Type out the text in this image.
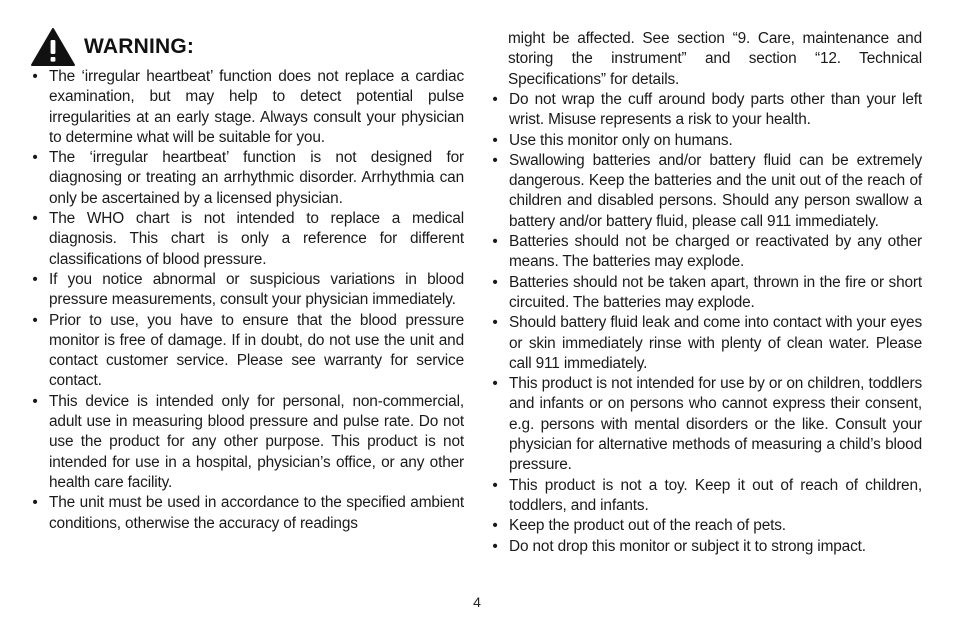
WARNING:
• The ‘irregular heartbeat’ function does not replace a cardiac examination, but may help to detect potential pulse irregularities at an early stage. Always consult your physician to determine what will be suitable for you.
• The ‘irregular heartbeat’ function is not designed for diagnosing or treating an arrhythmic disorder. Arrhythmia can only be ascertained by a licensed physician.
• The WHO chart is not intended to replace a medical diagnosis. This chart is only a reference for different classifications of blood pressure.
• If you notice abnormal or suspicious variations in blood pressure measurements, consult your physician immediately.
• Prior to use, you have to ensure that the blood pressure monitor is free of damage. If in doubt, do not use the unit and contact customer service. Please see warranty for service contact.
• This device is intended only for personal, non-commercial, adult use in measuring blood pressure and pulse rate. Do not use the product for any other purpose. This product is not intended for use in a hospital, physician’s office, or any other health care facility.
• The unit must be used in accordance to the specified ambient conditions, otherwise the accuracy of readings
might be affected. See section “9. Care, maintenance and storing the instrument” and section “12. Technical Specifications” for details.
• Do not wrap the cuff around body parts other than your left wrist. Misuse represents a risk to your health.
• Use this monitor only on humans.
• Swallowing batteries and/or battery fluid can be extremely dangerous. Keep the batteries and the unit out of the reach of children and disabled persons. Should any person swallow a battery and/or battery fluid, please call 911 immediately.
• Batteries should not be charged or reactivated by any other means. The batteries may explode.
• Batteries should not be taken apart, thrown in the fire or short circuited. The batteries may explode.
• Should battery fluid leak and come into contact with your eyes or skin immediately rinse with plenty of clean water. Please call 911 immediately.
• This product is not intended for use by or on children, toddlers and infants or on persons who cannot express their consent, e.g. persons with mental disorders or the like. Consult your physician for alternative methods of measuring a child’s blood pressure.
• This product is not a toy. Keep it out of reach of children, toddlers, and infants.
• Keep the product out of the reach of pets.
• Do not drop this monitor or subject it to strong impact.
4
